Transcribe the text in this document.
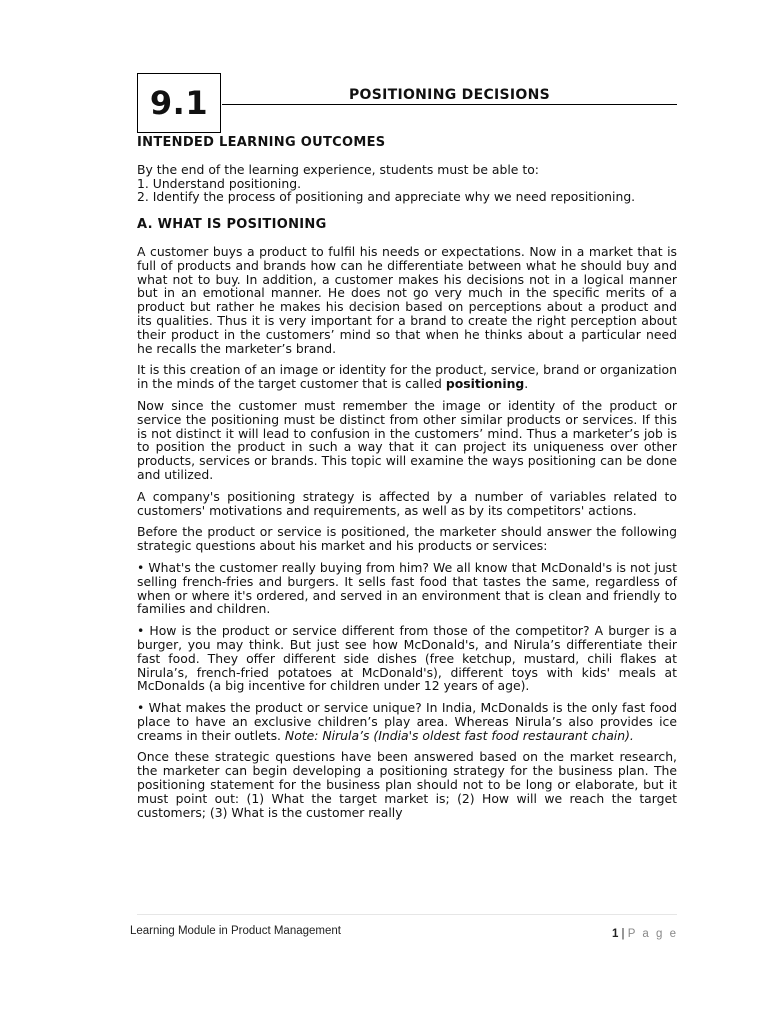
9.1	POSITIONING DECISIONS
INTENDED LEARNING OUTCOMES

By the end of the learning experience, students must be able to:

1. Understand positioning.

2. Identify the process of positioning and appreciate why we need repositioning.

A. WHAT IS POSITIONING

A customer buys a product to fulfil his needs or expectations. Now in a market that is full of products and brands how can he differentiate between what he should buy and what not to buy. In addition, a customer makes his decisions not in a logical manner but in an emotional manner. He does not go very much in the specific merits of a product but rather he makes his decision based on perceptions about a product and its qualities. Thus it is very important for a brand to create the right perception about their product in the customers’ mind so that when he thinks about a particular need he recalls the marketer’s brand.

It is this creation of an image or identity for the product, service, brand or organization in the minds of the target customer that is called positioning.

Now since the customer must remember the image or identity of the product or service the positioning must be distinct from other similar products or services. If this is not distinct it will lead to confusion in the customers’ mind. Thus a marketer’s job is to position the product in such a way that it can project its uniqueness over other products, services or brands. This topic will examine the ways positioning can be done and utilized.

A company's positioning strategy is affected by a number of variables related to customers' motivations and requirements, as well as by its competitors' actions.

Before the product or service is positioned, the marketer should answer the following strategic questions about his market and his products or services:

• What's the customer really buying from him? We all know that McDonald's is not just selling french-fries and burgers. It sells fast food that tastes the same, regardless of when or where it's ordered, and served in an environment that is clean and friendly to families and children.

• How is the product or service different from those of the competitor? A burger is a burger, you may think. But just see how McDonald's, and Nirula’s differentiate their fast food. They offer different side dishes (free ketchup, mustard, chili flakes at Nirula’s, french-fried potatoes at McDonald's), different toys with kids' meals at McDonalds (a big incentive for children under 12 years of age).

• What makes the product or service unique? In India, McDonalds is the only fast food place to have an exclusive children’s play area. Whereas Nirula’s also provides ice creams in their outlets. Note: Nirula’s (India's oldest fast food restaurant chain).

Once these strategic questions have been answered based on the market research, the marketer can begin developing a positioning strategy for the business plan. The positioning statement for the business plan should not to be long or elaborate, but it must point out: (1) What the target market is; (2) How will we reach the target customers; (3) What is the customer really

Learning Module in Product Management	1 | P a g e
